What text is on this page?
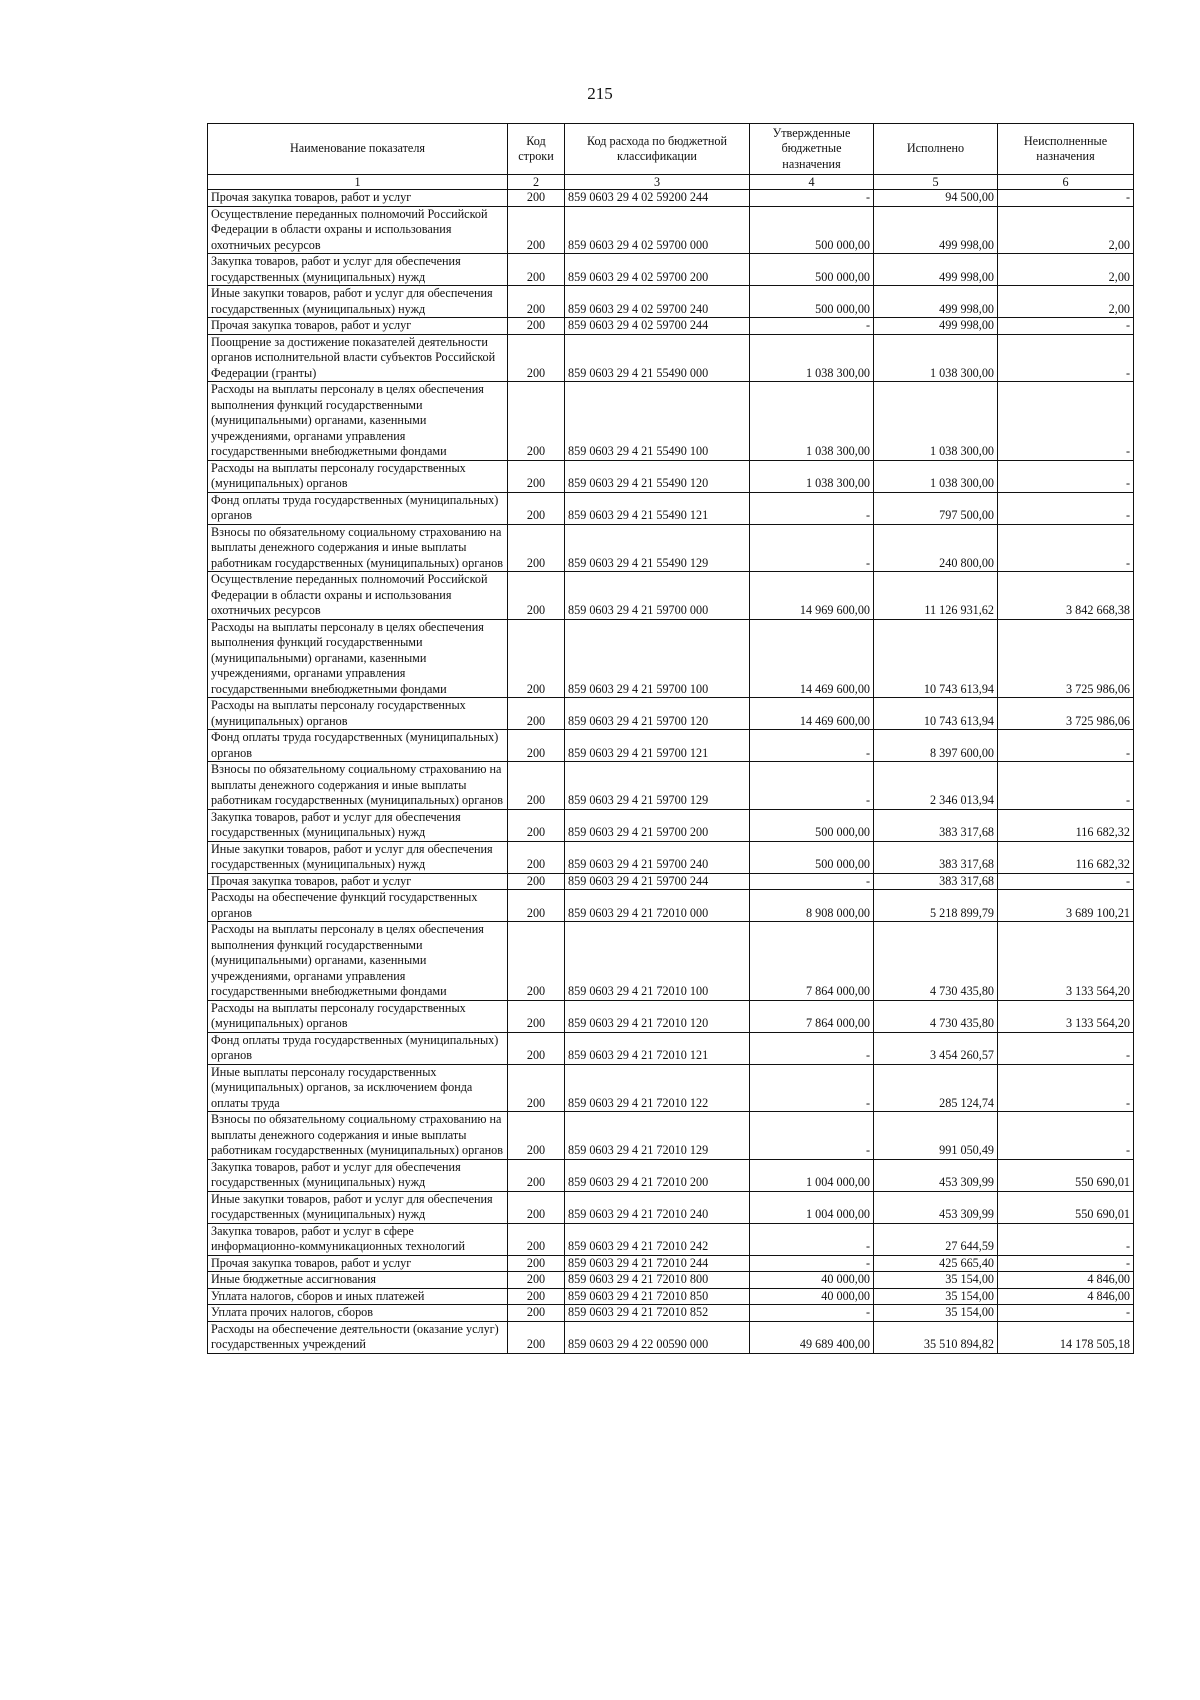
215
Наименование показателя	Код строки	Код расхода по бюджетной классификации	Утвержденные бюджетные назначения	Исполнено	Неисполненные назначения
1	2	3	4	5	6
Прочая закупка товаров, работ и услуг	200	859 0603 29 4 02 59200 244	-	94 500,00	-
Осуществление переданных полномочий Российской Федерации в области охраны и использования охотничьих ресурсов	200	859 0603 29 4 02 59700 000	500 000,00	499 998,00	2,00
Закупка товаров, работ и услуг для обеспечения государственных (муниципальных) нужд	200	859 0603 29 4 02 59700 200	500 000,00	499 998,00	2,00
Иные закупки товаров, работ и услуг для обеспечения государственных (муниципальных) нужд	200	859 0603 29 4 02 59700 240	500 000,00	499 998,00	2,00
Прочая закупка товаров, работ и услуг	200	859 0603 29 4 02 59700 244	-	499 998,00	-
Поощрение за достижение показателей деятельности органов исполнительной власти субъектов Российской Федерации (гранты)	200	859 0603 29 4 21 55490 000	1 038 300,00	1 038 300,00	-
Расходы на выплаты персоналу в целях обеспечения выполнения функций государственными (муниципальными) органами, казенными учреждениями, органами управления государственными внебюджетными фондами	200	859 0603 29 4 21 55490 100	1 038 300,00	1 038 300,00	-
Расходы на выплаты персоналу государственных (муниципальных) органов	200	859 0603 29 4 21 55490 120	1 038 300,00	1 038 300,00	-
Фонд оплаты труда государственных (муниципальных) органов	200	859 0603 29 4 21 55490 121	-	797 500,00	-
Взносы по обязательному социальному страхованию на выплаты денежного содержания и иные выплаты работникам государственных (муниципальных) органов	200	859 0603 29 4 21 55490 129	-	240 800,00	-
Осуществление переданных полномочий Российской Федерации в области охраны и использования охотничьих ресурсов	200	859 0603 29 4 21 59700 000	14 969 600,00	11 126 931,62	3 842 668,38
Расходы на выплаты персоналу в целях обеспечения выполнения функций государственными (муниципальными) органами, казенными учреждениями, органами управления государственными внебюджетными фондами	200	859 0603 29 4 21 59700 100	14 469 600,00	10 743 613,94	3 725 986,06
Расходы на выплаты персоналу государственных (муниципальных) органов	200	859 0603 29 4 21 59700 120	14 469 600,00	10 743 613,94	3 725 986,06
Фонд оплаты труда государственных (муниципальных) органов	200	859 0603 29 4 21 59700 121	-	8 397 600,00	-
Взносы по обязательному социальному страхованию на выплаты денежного содержания и иные выплаты работникам государственных (муниципальных) органов	200	859 0603 29 4 21 59700 129	-	2 346 013,94	-
Закупка товаров, работ и услуг для обеспечения государственных (муниципальных) нужд	200	859 0603 29 4 21 59700 200	500 000,00	383 317,68	116 682,32
Иные закупки товаров, работ и услуг для обеспечения государственных (муниципальных) нужд	200	859 0603 29 4 21 59700 240	500 000,00	383 317,68	116 682,32
Прочая закупка товаров, работ и услуг	200	859 0603 29 4 21 59700 244	-	383 317,68	-
Расходы на обеспечение функций государственных органов	200	859 0603 29 4 21 72010 000	8 908 000,00	5 218 899,79	3 689 100,21
Расходы на выплаты персоналу в целях обеспечения выполнения функций государственными (муниципальными) органами, казенными учреждениями, органами управления государственными внебюджетными фондами	200	859 0603 29 4 21 72010 100	7 864 000,00	4 730 435,80	3 133 564,20
Расходы на выплаты персоналу государственных (муниципальных) органов	200	859 0603 29 4 21 72010 120	7 864 000,00	4 730 435,80	3 133 564,20
Фонд оплаты труда государственных (муниципальных) органов	200	859 0603 29 4 21 72010 121	-	3 454 260,57	-
Иные выплаты персоналу государственных (муниципальных) органов, за исключением фонда оплаты труда	200	859 0603 29 4 21 72010 122	-	285 124,74	-
Взносы по обязательному социальному страхованию на выплаты денежного содержания и иные выплаты работникам государственных (муниципальных) органов	200	859 0603 29 4 21 72010 129	-	991 050,49	-
Закупка товаров, работ и услуг для обеспечения государственных (муниципальных) нужд	200	859 0603 29 4 21 72010 200	1 004 000,00	453 309,99	550 690,01
Иные закупки товаров, работ и услуг для обеспечения государственных (муниципальных) нужд	200	859 0603 29 4 21 72010 240	1 004 000,00	453 309,99	550 690,01
Закупка товаров, работ и услуг в сфере информационно-коммуникационных технологий	200	859 0603 29 4 21 72010 242	-	27 644,59	-
Прочая закупка товаров, работ и услуг	200	859 0603 29 4 21 72010 244	-	425 665,40	-
Иные бюджетные ассигнования	200	859 0603 29 4 21 72010 800	40 000,00	35 154,00	4 846,00
Уплата налогов, сборов и иных платежей	200	859 0603 29 4 21 72010 850	40 000,00	35 154,00	4 846,00
Уплата прочих налогов, сборов	200	859 0603 29 4 21 72010 852	-	35 154,00	-
Расходы на обеспечение деятельности (оказание услуг) государственных учреждений	200	859 0603 29 4 22 00590 000	49 689 400,00	35 510 894,82	14 178 505,18
